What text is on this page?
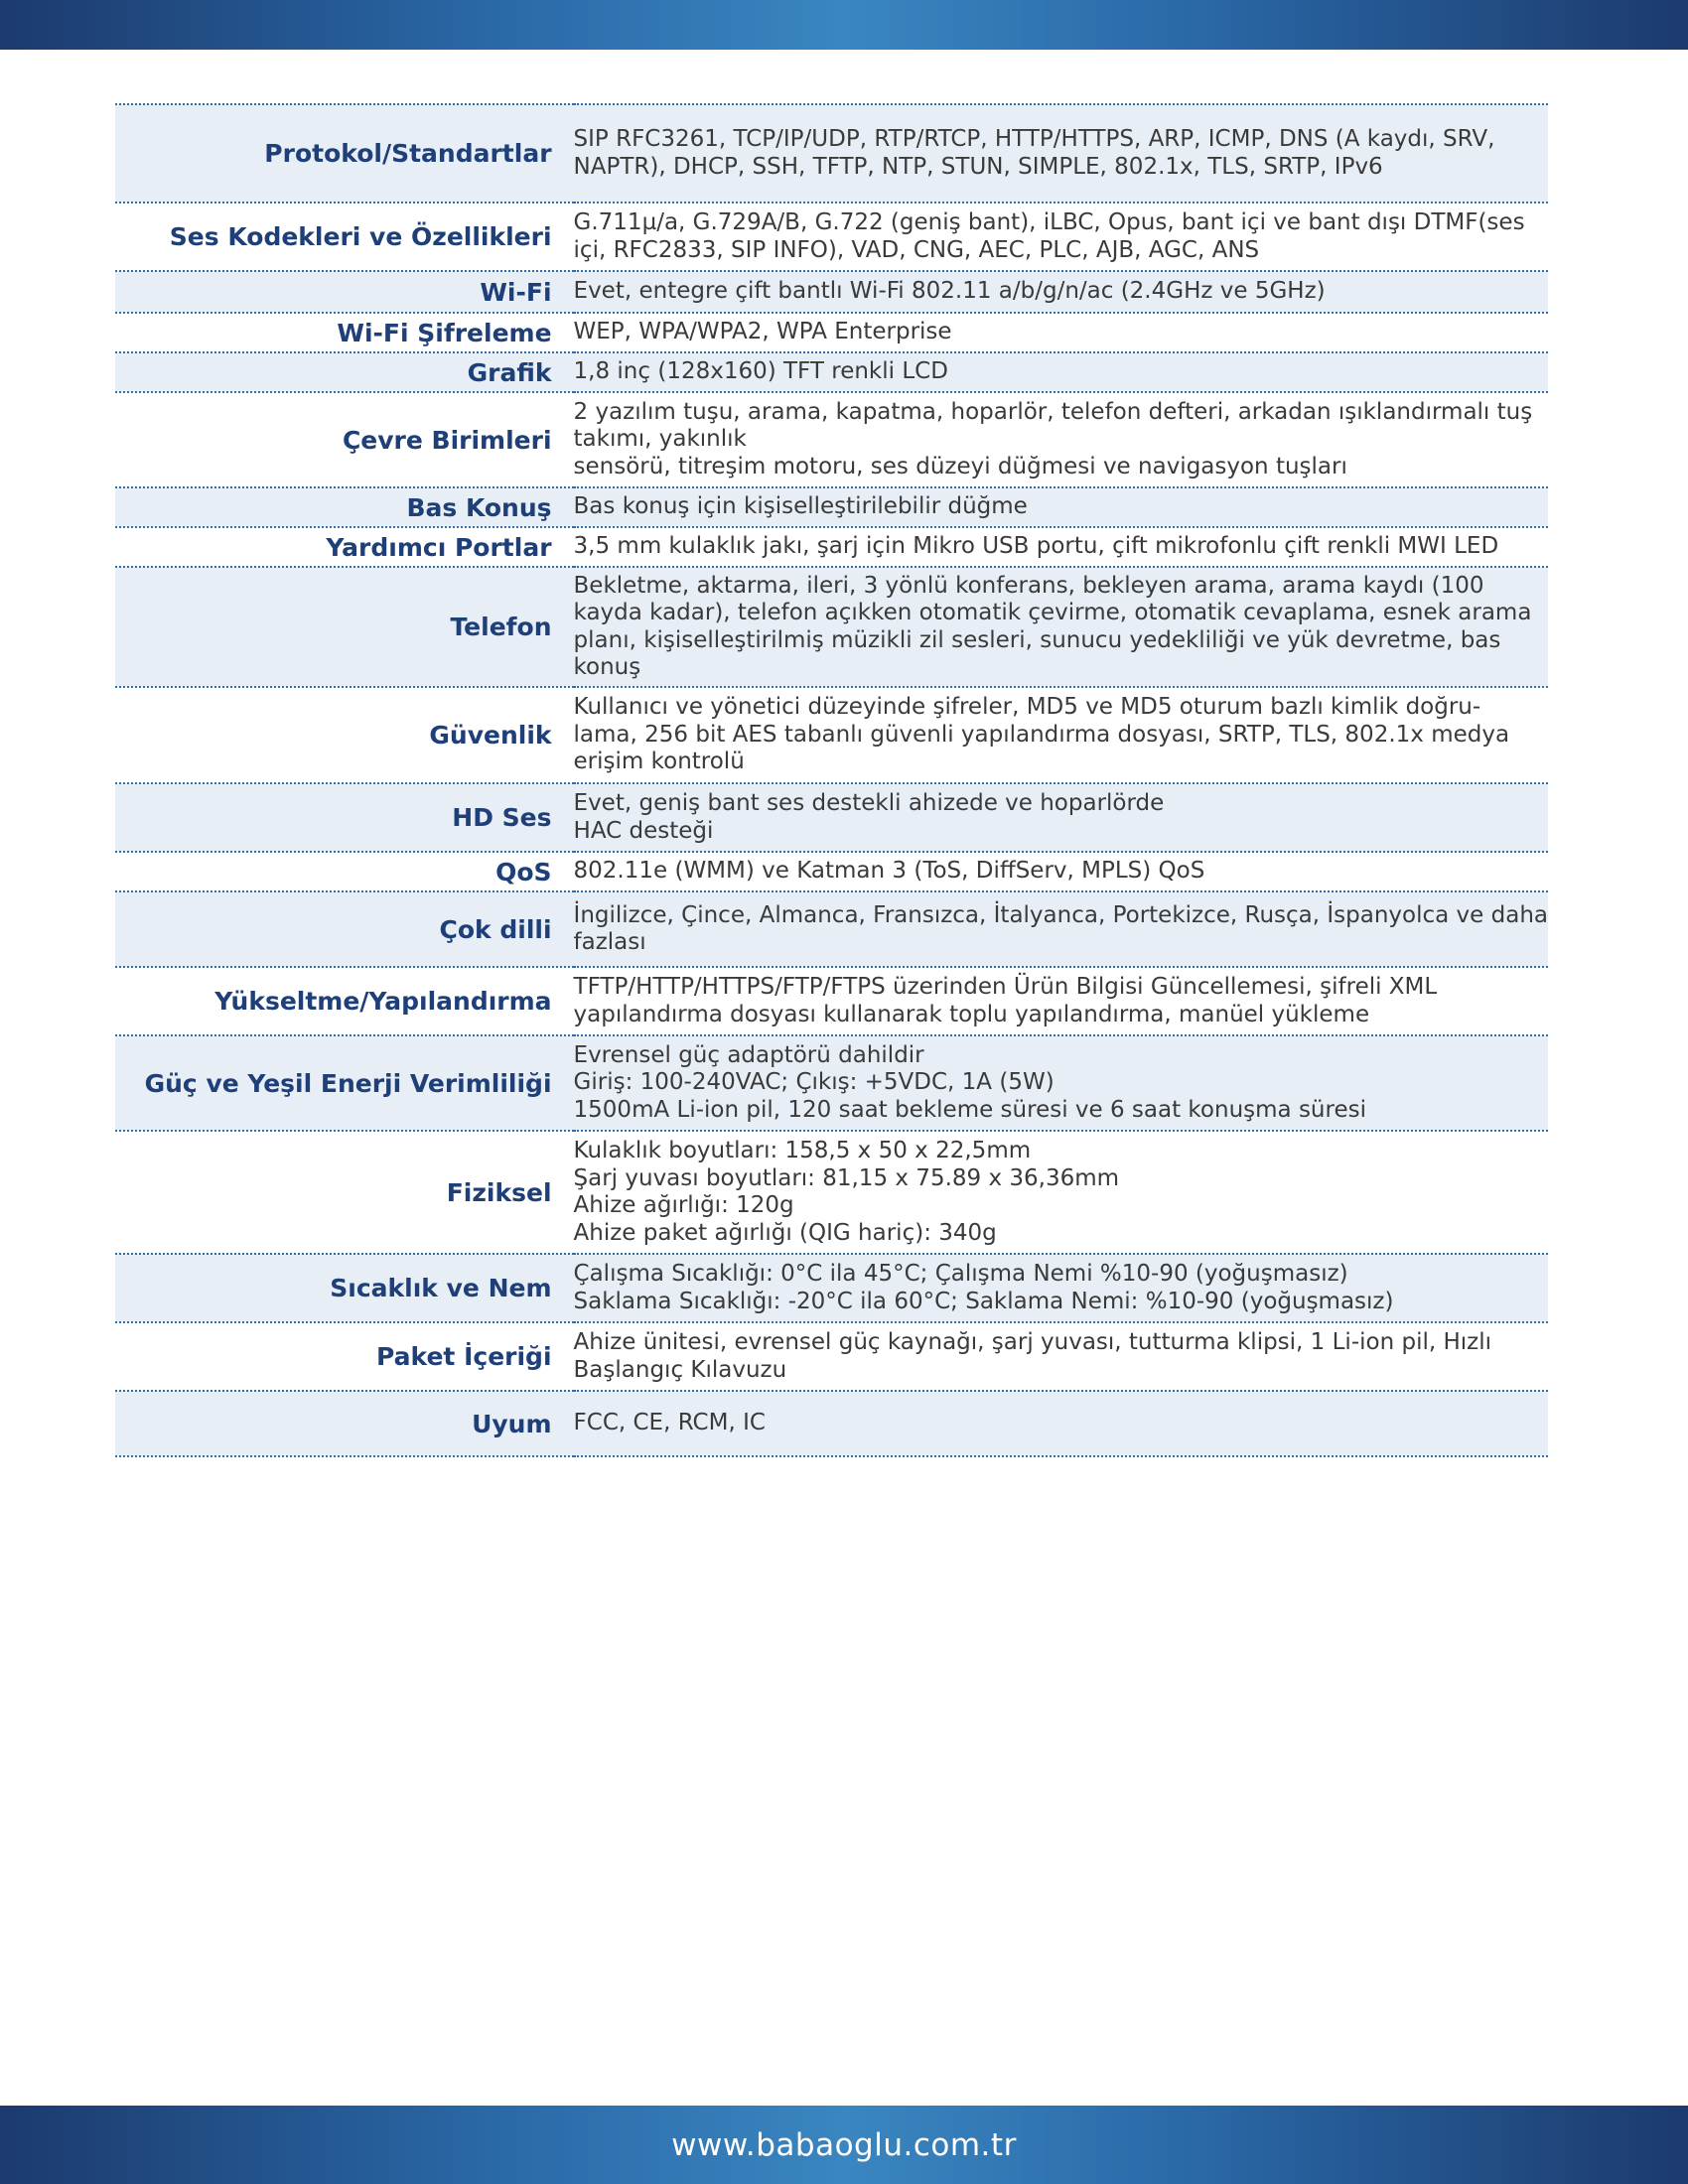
Protokol/Standartlar	SIP RFC3261, TCP/IP/UDP, RTP/RTCP, HTTP/HTTPS, ARP, ICMP, DNS (A kaydı, SRV,
NAPTR), DHCP, SSH, TFTP, NTP, STUN, SIMPLE, 802.1x, TLS, SRTP, IPv6

Ses Kodekleri ve Özellikleri	G.711µ/a, G.729A/B, G.722 (geniş bant), iLBC, Opus, bant içi ve bant dışı DTMF(ses
içi, RFC2833, SIP INFO), VAD, CNG, AEC, PLC, AJB, AGC, ANS

Wi-Fi	Evet, entegre çift bantlı Wi-Fi 802.11 a/b/g/n/ac (2.4GHz ve 5GHz)

Wi-Fi Şifreleme	WEP, WPA/WPA2, WPA Enterprise

Grafik	1,8 inç (128x160) TFT renkli LCD

Çevre Birimleri	2 yazılım tuşu, arama, kapatma, hoparlör, telefon defteri, arkadan ışıklandırmalı tuş
takımı, yakınlık
sensörü, titreşim motoru, ses düzeyi düğmesi ve navigasyon tuşları

Bas Konuş	Bas konuş için kişiselleştirilebilir düğme

Yardımcı Portlar	3,5 mm kulaklık jakı, şarj için Mikro USB portu, çift mikrofonlu çift renkli MWI LED

Telefon	Bekletme, aktarma, ileri, 3 yönlü konferans, bekleyen arama, arama kaydı (100
kayda kadar), telefon açıkken otomatik çevirme, otomatik cevaplama, esnek arama
planı, kişiselleştirilmiş müzikli zil sesleri, sunucu yedekliliği ve yük devretme, bas
konuş

Güvenlik	Kullanıcı ve yönetici düzeyinde şifreler, MD5 ve MD5 oturum bazlı kimlik doğru-
lama, 256 bit AES tabanlı güvenli yapılandırma dosyası, SRTP, TLS, 802.1x medya
erişim kontrolü

HD Ses	Evet, geniş bant ses destekli ahizede ve hoparlörde
HAC desteği

QoS	802.11e (WMM) ve Katman 3 (ToS, DiffServ, MPLS) QoS

Çok dilli	İngilizce, Çince, Almanca, Fransızca, İtalyanca, Portekizce, Rusça, İspanyolca ve daha
fazlası

Yükseltme/Yapılandırma	TFTP/HTTP/HTTPS/FTP/FTPS üzerinden Ürün Bilgisi Güncellemesi, şifreli XML
yapılandırma dosyası kullanarak toplu yapılandırma, manüel yükleme

Güç ve Yeşil Enerji Verimliliği	Evrensel güç adaptörü dahildir
Giriş: 100-240VAC; Çıkış: +5VDC, 1A (5W)
1500mA Li-ion pil, 120 saat bekleme süresi ve 6 saat konuşma süresi

Fiziksel	Kulaklık boyutları: 158,5 x 50 x 22,5mm
Şarj yuvası boyutları: 81,15 x 75.89 x 36,36mm
Ahize ağırlığı: 120g
Ahize paket ağırlığı (QIG hariç): 340g

Sıcaklık ve Nem	Çalışma Sıcaklığı: 0°C ila 45°C; Çalışma Nemi %10-90 (yoğuşmasız)
Saklama Sıcaklığı: -20°C ila 60°C; Saklama Nemi: %10-90 (yoğuşmasız)

Paket İçeriği	Ahize ünitesi, evrensel güç kaynağı, şarj yuvası, tutturma klipsi, 1 Li-ion pil, Hızlı
Başlangıç Kılavuzu

Uyum	FCC, CE, RCM, IC
www.babaoglu.com.tr
